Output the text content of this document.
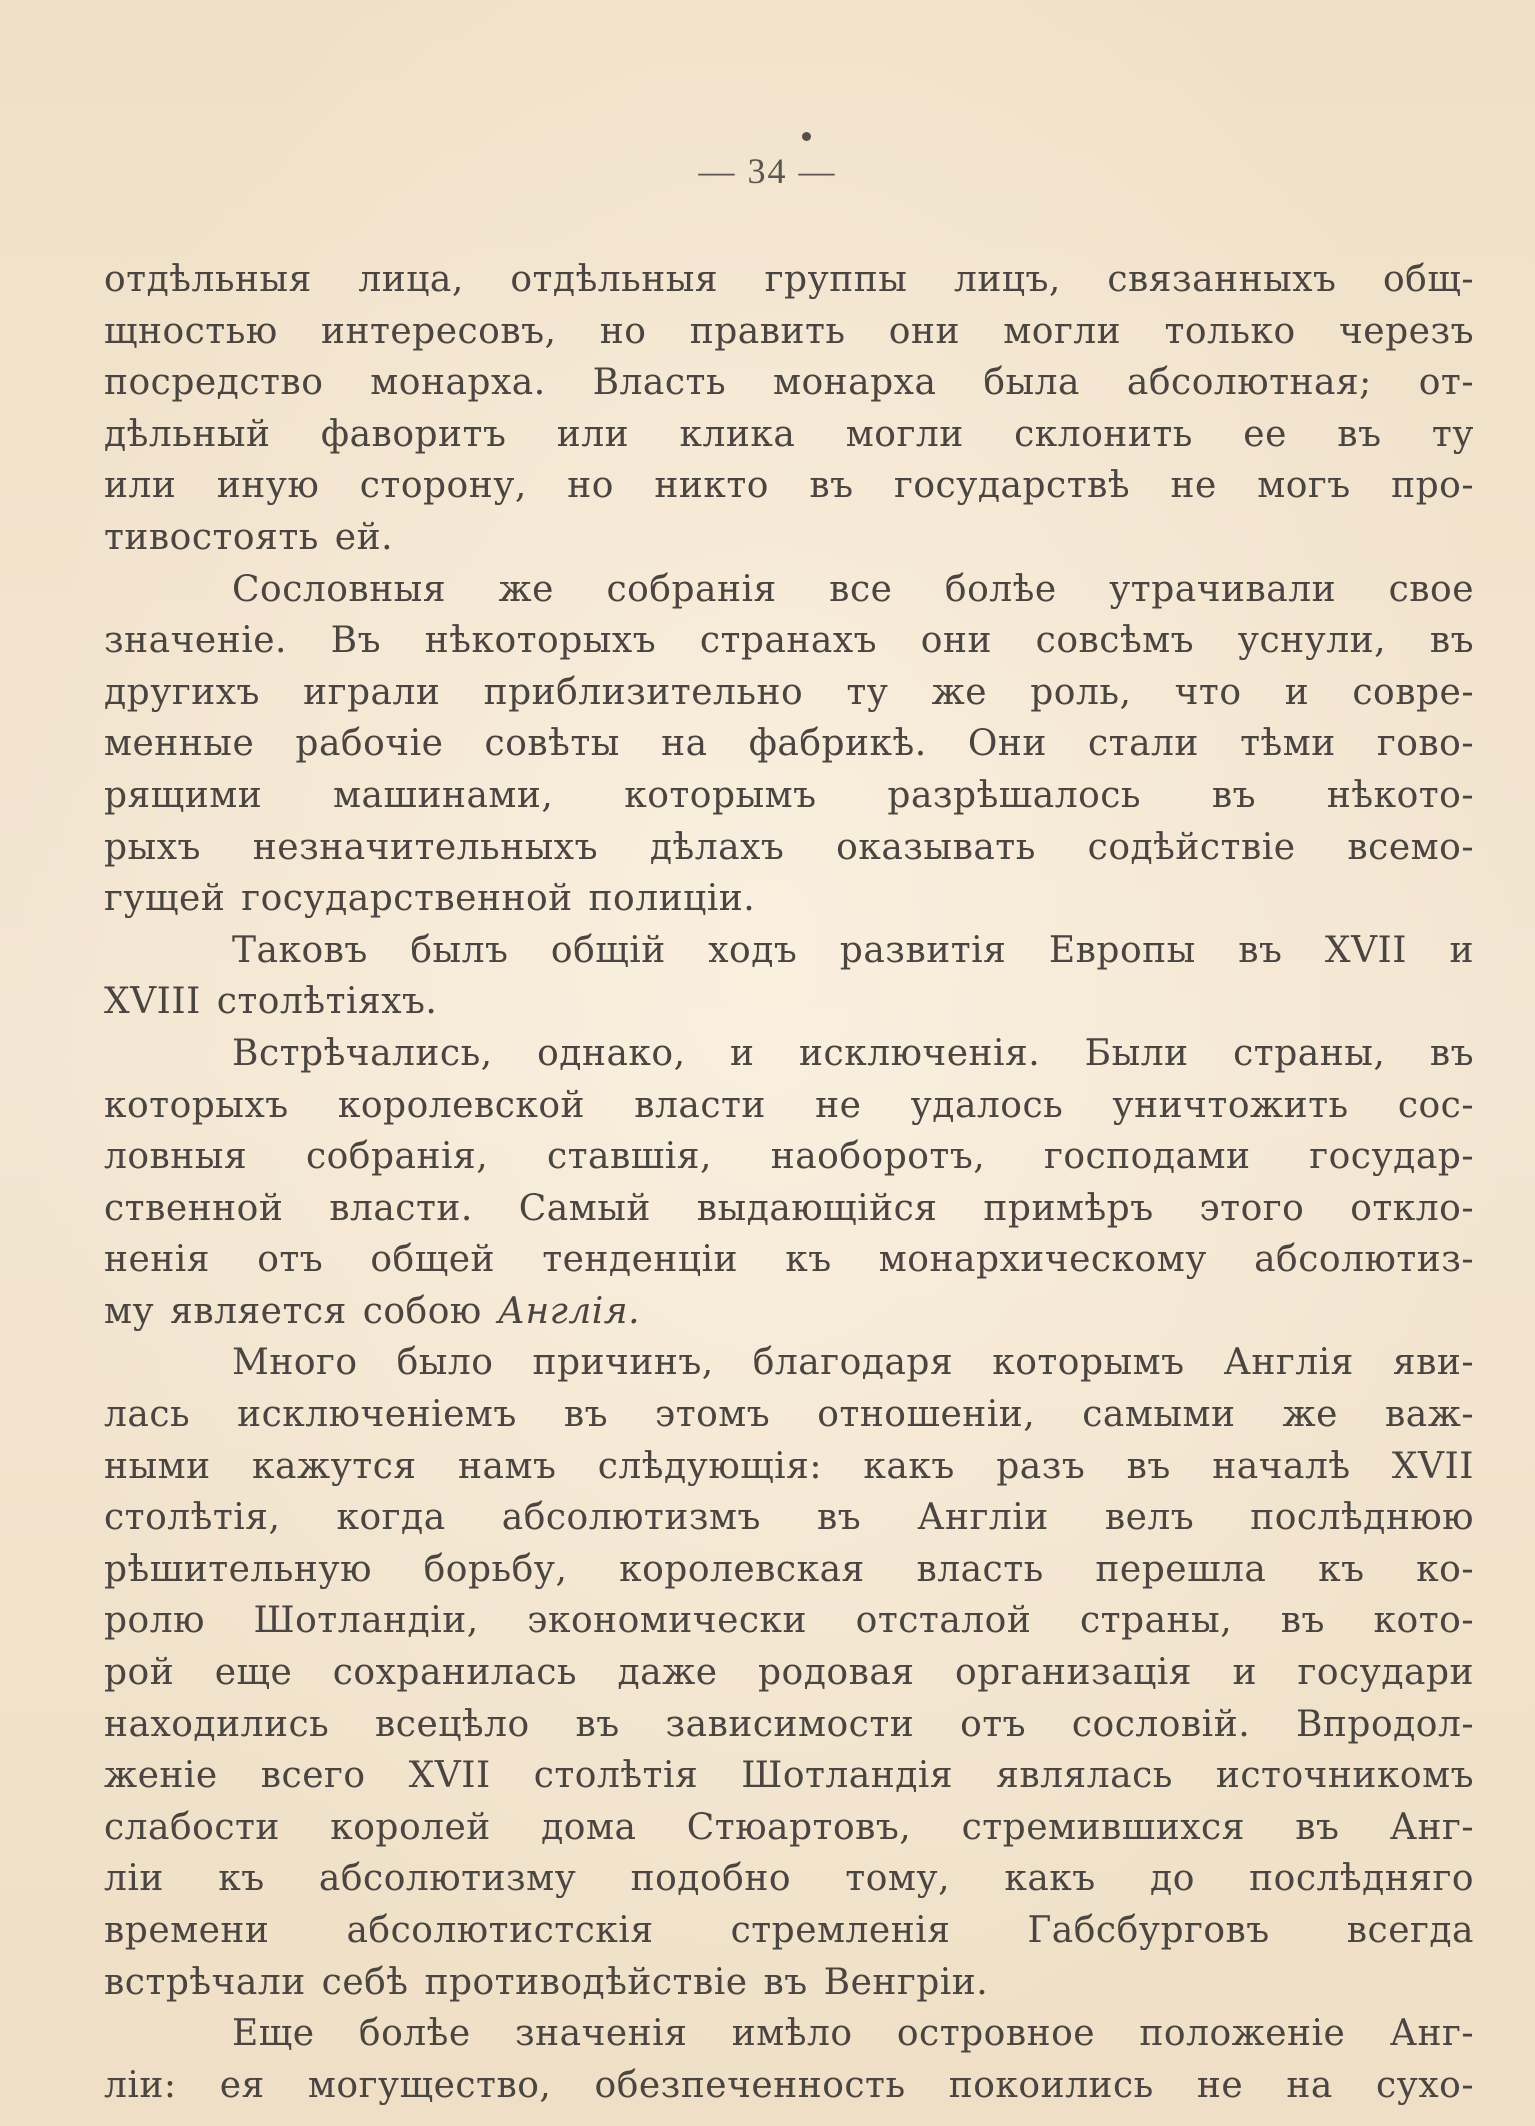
— 34 —
отдѣльныя лица, отдѣльныя группы лицъ, связанныхъ общ-
щностью интересовъ, но править они могли только черезъ
посредство монарха. Власть монарха была абсолютная; от-
дѣльный фаворитъ или клика могли склонить ее въ ту
или иную сторону, но никто въ государствѣ не могъ про-
тивостоять ей.
Сословныя же собранія все болѣе утрачивали свое
значеніе. Въ нѣкоторыхъ странахъ они совсѣмъ уснули, въ
другихъ играли приблизительно ту же роль, что и совре-
менные рабочіе совѣты на фабрикѣ. Они стали тѣми гово-
рящими машинами, которымъ разрѣшалось въ нѣкото-
рыхъ незначительныхъ дѣлахъ оказывать содѣйствіе всемо-
гущей государственной полиціи.
Таковъ былъ общій ходъ развитія Европы въ XVII и
XVIII столѣтіяхъ.
Встрѣчались, однако, и исключенія. Были страны, въ
которыхъ королевской власти не удалось уничтожить сос-
ловныя собранія, ставшія, наоборотъ, господами государ-
ственной власти. Самый выдающійся примѣръ этого откло-
ненія отъ общей тенденціи къ монархическому абсолютиз-
му является собою Англія.
Много было причинъ, благодаря которымъ Англія яви-
лась исключеніемъ въ этомъ отношеніи, самыми же важ-
ными кажутся намъ слѣдующія: какъ разъ въ началѣ XVII
столѣтія, когда абсолютизмъ въ Англіи велъ послѣднюю
рѣшительную борьбу, королевская власть перешла къ ко-
ролю Шотландіи, экономически отсталой страны, въ кото-
рой еще сохранилась даже родовая организація и государи
находились всецѣло въ зависимости отъ сословій. Впродол-
женіе всего XVII столѣтія Шотландія являлась источникомъ
слабости королей дома Стюартовъ, стремившихся въ Анг-
ліи къ абсолютизму подобно тому, какъ до послѣдняго
времени абсолютистскія стремленія Габсбурговъ всегда
встрѣчали себѣ противодѣйствіе въ Венгріи.
Еще болѣе значенія имѣло островное положеніе Анг-
ліи: ея могущество, обезпеченность покоились не на сухо-
